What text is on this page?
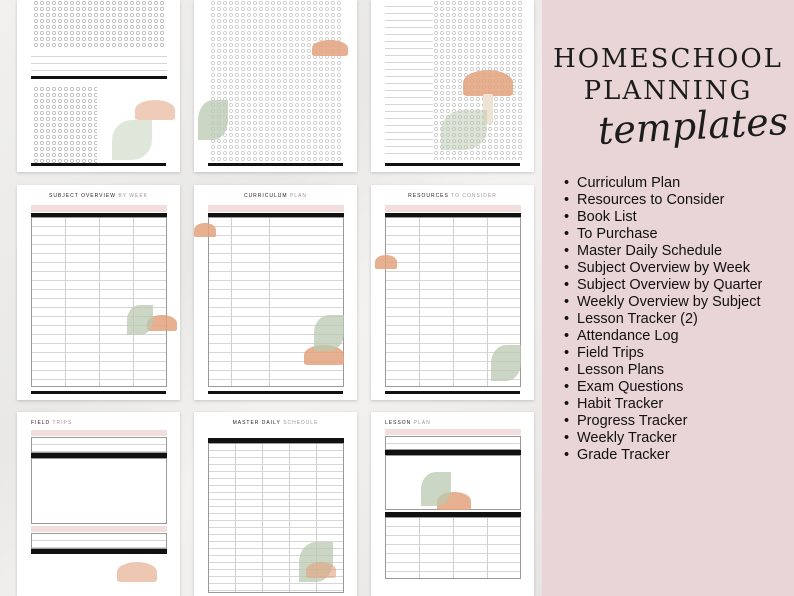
SUBJECT OVERVIEW BY WEEK	CURRICULUM PLAN	RESOURCES TO CONSIDER
FIELD TRIPS	MASTER DAILY SCHEDULE	LESSON PLAN
HOMESCHOOL
PLANNING
templates
• Curriculum Plan
• Resources to Consider
• Book List
• To Purchase
• Master Daily Schedule
• Subject Overview by Week
• Subject Overview by Quarter
• Weekly Overview by Subject
• Lesson Tracker (2)
• Attendance Log
• Field Trips
• Lesson Plans
• Exam Questions
• Habit Tracker
• Progress Tracker
• Weekly Tracker
• Grade Tracker
